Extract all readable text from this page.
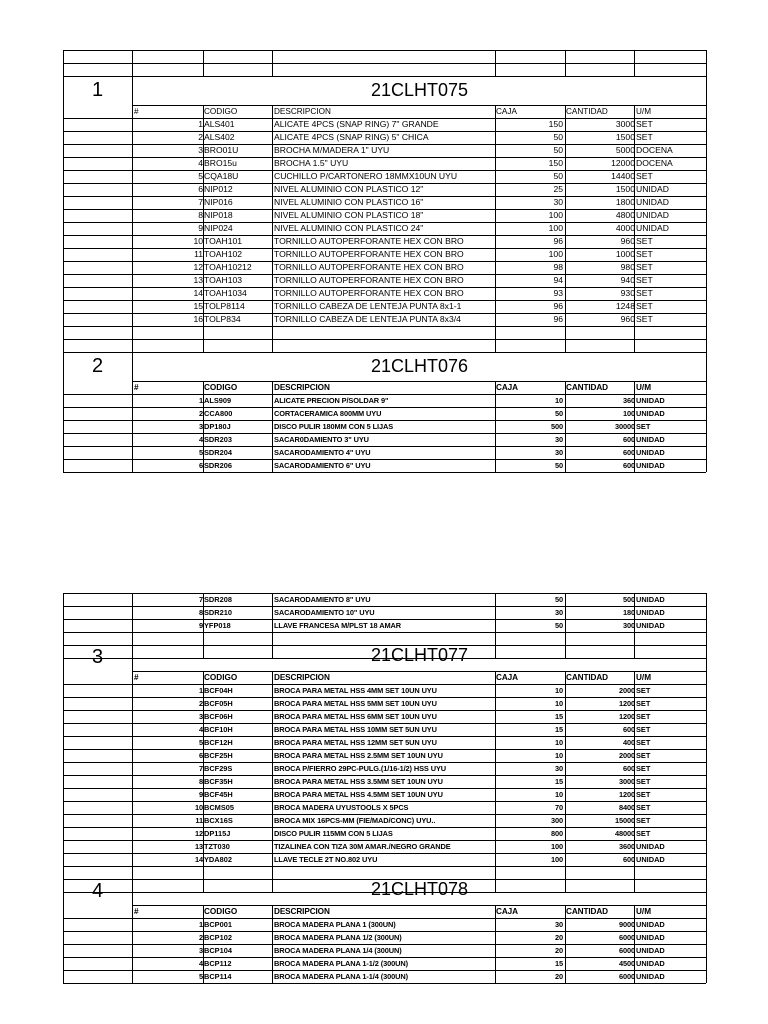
1	21CLHT075
#	CODIGO	DESCRIPCION	CAJA	CANTIDAD	U/M
1 ALS401	ALICATE 4PCS (SNAP RING) 7" GRANDE	150	3000 SET
2 ALS402	ALICATE 4PCS (SNAP RING) 5" CHICA	50	1500 SET
3 BRO01U	BROCHA M/MADERA 1" UYU	50	5000 DOCENA
4 BRO15u	BROCHA 1.5" UYU	150	12000 DOCENA
5 CQA18U	CUCHILLO P/CARTONERO 18MMX10UN UYU	50	14400 SET
6 NIP012	NIVEL ALUMINIO CON PLASTICO 12"	25	1500 UNIDAD
7 NIP016	NIVEL ALUMINIO CON PLASTICO 16"	30	1800 UNIDAD
8 NIP018	NIVEL ALUMINIO CON PLASTICO 18"	100	4800 UNIDAD
9 NIP024	NIVEL ALUMINIO CON PLASTICO 24"	100	4000 UNIDAD
10 TOAH101	TORNILLO AUTOPERFORANTE HEX CON BRO	96	960 SET
11 TOAH102	TORNILLO AUTOPERFORANTE HEX CON BRO	100	1000 SET
12 TOAH10212	TORNILLO AUTOPERFORANTE HEX CON BRO	98	980 SET
13 TOAH103	TORNILLO AUTOPERFORANTE HEX CON BRO	94	940 SET
14 TOAH1034	TORNILLO AUTOPERFORANTE HEX CON BRO	93	930 SET
15 TOLP8114	TORNILLO CABEZA DE LENTEJA PUNTA 8x1-1	96	1248 SET
16 TOLP834	TORNILLO CABEZA DE LENTEJA PUNTA 8x3/4	96	960 SET
2	21CLHT076
#	CODIGO	DESCRIPCION	CAJA	CANTIDAD	U/M
1 ALS909	ALICATE PRECION P/SOLDAR 9"	10	360 UNIDAD
2 CCA800	CORTACERAMICA 800MM UYU	50	100 UNIDAD
3 DP180J	DISCO PULIR 180MM CON 5 LIJAS	500	30000 SET
4 SDR203	SACAR0DAMIENTO 3" UYU	30	600 UNIDAD
5 SDR204	SACARODAMIENTO 4" UYU	30	600 UNIDAD
6 SDR206	SACARODAMIENTO 6" UYU	50	600 UNIDAD
7 SDR208	SACARODAMIENTO 8" UYU	50	500 UNIDAD
8 SDR210	SACARODAMIENTO 10" UYU	30	180 UNIDAD
9 YFP018	LLAVE FRANCESA M/PLST 18 AMAR	50	300 UNIDAD
3	21CLHT077
#	CODIGO	DESCRIPCION	CAJA	CANTIDAD	U/M
1 BCF04H	BROCA PARA METAL HSS 4MM SET 10UN UYU	10	2000 SET
2 BCF05H	BROCA PARA METAL HSS 5MM SET 10UN UYU	10	1200 SET
3 BCF06H	BROCA PARA METAL HSS 6MM SET 10UN UYU	15	1200 SET
4 BCF10H	BROCA PARA METAL HSS 10MM SET 5UN UYU	15	600 SET
5 BCF12H	BROCA PARA METAL HSS 12MM SET 5UN UYU	10	400 SET
6 BCF25H	BROCA PARA METAL HSS 2.5MM SET 10UN UYU	10	2000 SET
7 BCF29S	BROCA P/FIERRO 29PC-PULG.(1/16-1/2) HSS UYU	30	600 SET
8 BCF35H	BROCA PARA METAL HSS 3.5MM SET 10UN UYU	15	3000 SET
9 BCF45H	BROCA PARA METAL HSS 4.5MM SET 10UN UYU	10	1200 SET
10 BCMS05	BROCA MADERA UYUSTOOLS X 5PCS	70	8400 SET
11 BCX16S	BROCA MIX 16PCS-MM (FIE/MAD/CONC) UYU..	300	15000 SET
12 DP115J	DISCO PULIR 115MM CON 5 LIJAS	800	48000 SET
13 TZT030	TIZALINEA CON TIZA 30M AMAR./NEGRO GRANDE	100	3600 UNIDAD
14 YDA802	LLAVE TECLE 2T NO.802 UYU	100	600 UNIDAD
4	21CLHT078
#	CODIGO	DESCRIPCION	CAJA	CANTIDAD	U/M
1 BCP001	BROCA MADERA PLANA 1 (300UN)	30	9000 UNIDAD
2 BCP102	BROCA MADERA PLANA 1/2 (300UN)	20	6000 UNIDAD
3 BCP104	BROCA MADERA PLANA 1/4 (300UN)	20	6000 UNIDAD
4 BCP112	BROCA MADERA PLANA 1-1/2 (300UN)	15	4500 UNIDAD
5 BCP114	BROCA MADERA PLANA 1-1/4 (300UN)	20	6000 UNIDAD
